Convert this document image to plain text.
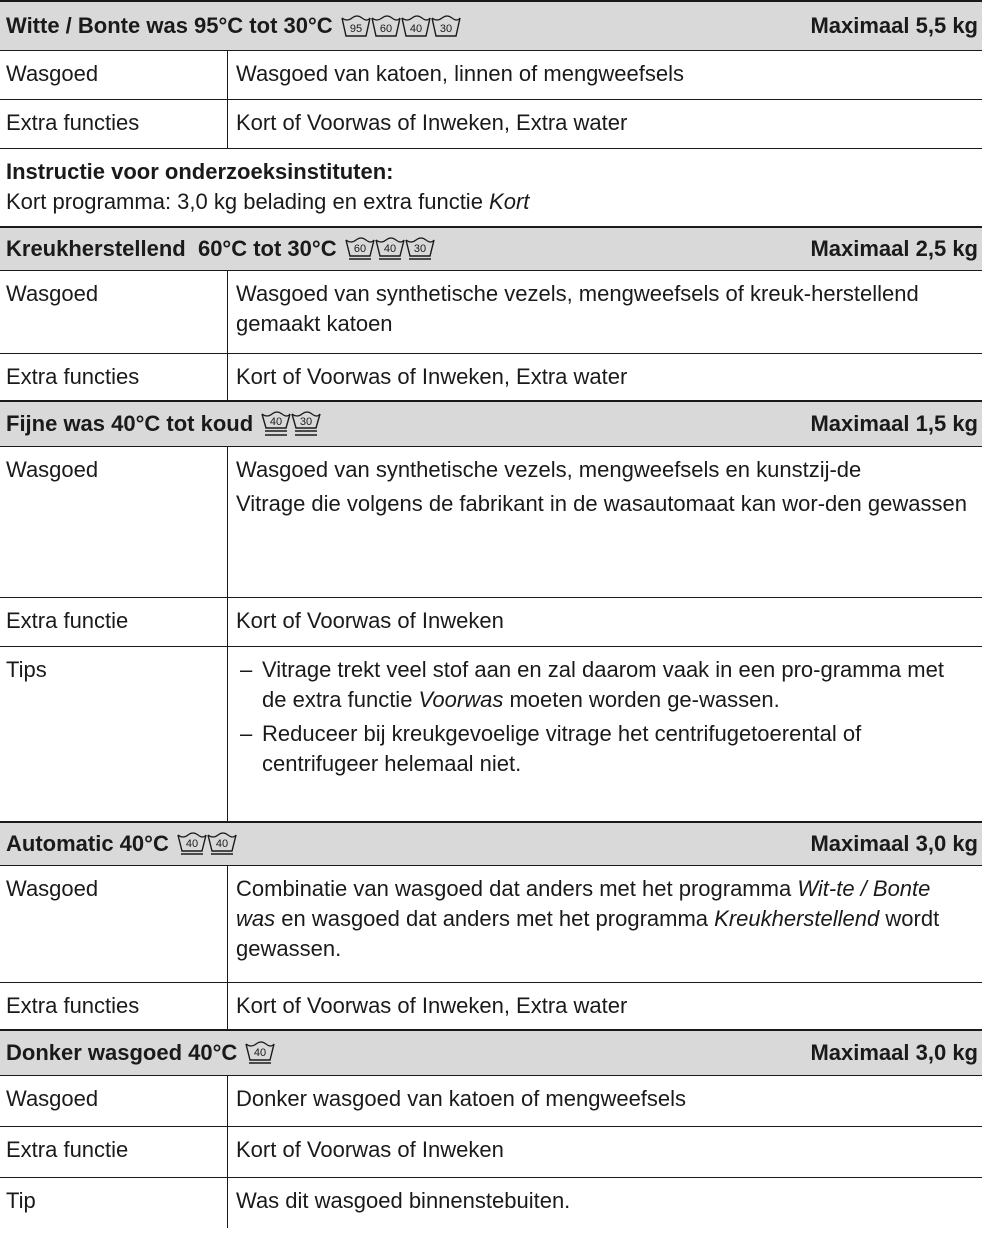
Witte / Bonte was 95°C tot 30°C 95 60 40 30	Maximaal 5,5 kg
Wasgoed	Wasgoed van katoen, linnen of mengweefsels
Extra functies	Kort of Voorwas of Inweken, Extra water
Instructie voor onderzoeksinstituten:
Kort programma: 3,0 kg belading en extra functie Kort
Kreukherstellend  60°C tot 30°C 60 40 30	Maximaal 2,5 kg
Wasgoed	Wasgoed van synthetische vezels, mengweefsels of kreuk-herstellend gemaakt katoen
Extra functies	Kort of Voorwas of Inweken, Extra water
Fijne was 40°C tot koud 40 30	Maximaal 1,5 kg
Wasgoed	Wasgoed van synthetische vezels, mengweefsels en kunstzij-de

Vitrage die volgens de fabrikant in de wasautomaat kan wor-den gewassen

Extra functie	Kort of Voorwas of Inweken
Tips	– Vitrage trekt veel stof aan en zal daarom vaak in een pro-gramma met de extra functie Voorwas moeten worden ge-wassen.
– Reduceer bij kreukgevoelige vitrage het centrifugetoerental of centrifugeer helemaal niet.
Automatic 40°C 40 40	Maximaal 3,0 kg
Wasgoed	Combinatie van wasgoed dat anders met het programma Wit-te / Bonte was en wasgoed dat anders met het programma Kreukherstellend wordt gewassen.
Extra functies	Kort of Voorwas of Inweken, Extra water
Donker wasgoed 40°C 40	Maximaal 3,0 kg
Wasgoed	Donker wasgoed van katoen of mengweefsels
Extra functie	Kort of Voorwas of Inweken
Tip	Was dit wasgoed binnenstebuiten.
